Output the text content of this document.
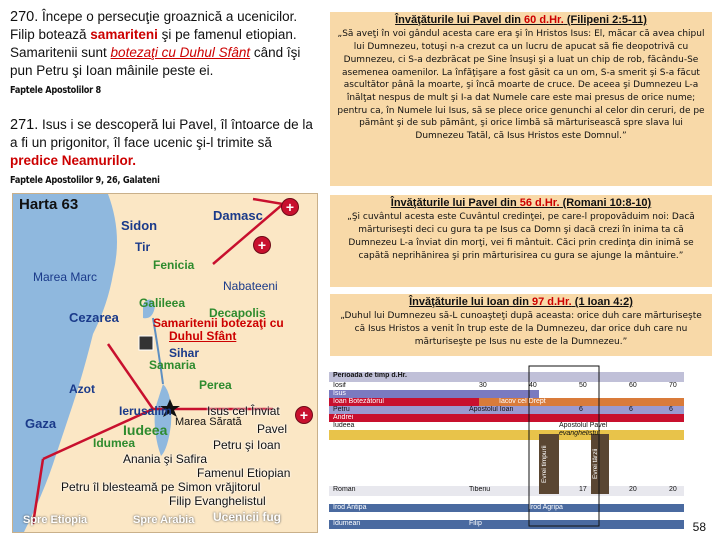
270. Începe o persecuţie groaznică a ucenicilor. Filip botează samariteni şi pe famenul etiopian. Samaritenii sunt botezaţi cu Duhul Sfânt când îşi pun Petru şi Ioan mâinile peste ei. Faptele Apostolilor 8
271. Isus i se descoperă lui Pavel, îl întoarce de la a fi un prigonitor, îl face ucenic şi-l trimite să predice Neamurilor.
Faptele Apostolilor 9, 26, Galateni
Învăţăturile lui Pavel din 60 d.Hr. (Filipeni 2:5-11)
„Să aveţi în voi gândul acesta care era şi în Hristos Isus: El, măcar că avea chipul lui Dumnezeu, totuşi n-a crezut ca un lucru de apucat să fie deopotrivă cu Dumnezeu, ci S-a dezbrăcat pe Sine însuşi şi a luat un chip de rob, făcându-Se asemenea oamenilor. La înfăţişare a fost găsit ca un om, S-a smerit şi S-a făcut ascultător până la moarte, şi încă moarte de cruce. De aceea şi Dumnezeu L-a înălţat nespus de mult şi I-a dat Numele care este mai presus de orice nume; pentru ca, în Numele lui Isus, să se plece orice genunchi al celor din ceruri, de pe pământ şi de sub pământ, şi orice limbă să mărturisească spre slava lui Dumnezeu Tatăl, că Isus Hristos este Domnul.”
Învăţăturile lui Pavel din 56 d.Hr. (Romani 10:8-10)
„Şi cuvântul acesta este Cuvântul credinţei, pe care-l propovăduim noi: Dacă mărturiseşti deci cu gura ta pe Isus ca Domn şi dacă crezi în inima ta că Dumnezeu L-a înviat din morţi, vei fi mântuit. Căci prin credinţa din inimă se capătă neprihănirea şi prin mărturisirea cu gura se ajunge la mântuire.”
Învăţăturile lui Ioan din 97 d.Hr. (1 Ioan 4:2)
„Duhul lui Dumnezeu să-L cunoaşteţi după aceasta: orice duh care mărturiseşte că Isus Hristos a venit în trup este de la Dumnezeu, dar orice duh care nu mărturiseşte pe Isus nu este de la Dumnezeu.”
Harta 63
Sidon
Damasc
+
Tir	+
Fenicia
Marea Marc
Nabateeni
Galileea
Decapolis
Cezarea	Samaritenii botezaţi cu
Duhul Sfânt
Sihar
Samaria
Azot	Perea
Ierusalim	Isus cel Înviat	+
Gaza	Iudeea Marea Sărată Pavel
Idumea	Petru şi Ioan
Anania şi Safira
Famenul Etiopian
Petru îl blesteamă pe Simon vrăjitorul
Filip Evanghelistul
Ucenicii fug
Spre Etiopia	Spre Arabia
Perioada de timp d.Hr.
Iosif	30	40	50	60	70
Isus
Ioan Botezătorul	Iacov cel Drept
Petru	Apostolul Ioan	6	6	6
Andrei
Iudeea	Apostolul Pavel
evanghelistul
Roman	Tiberiu	17	20	20
Irod Antipa	Irod Agripa
Idumean	Filip
Evrei timpurii	Evrei târzii
58
